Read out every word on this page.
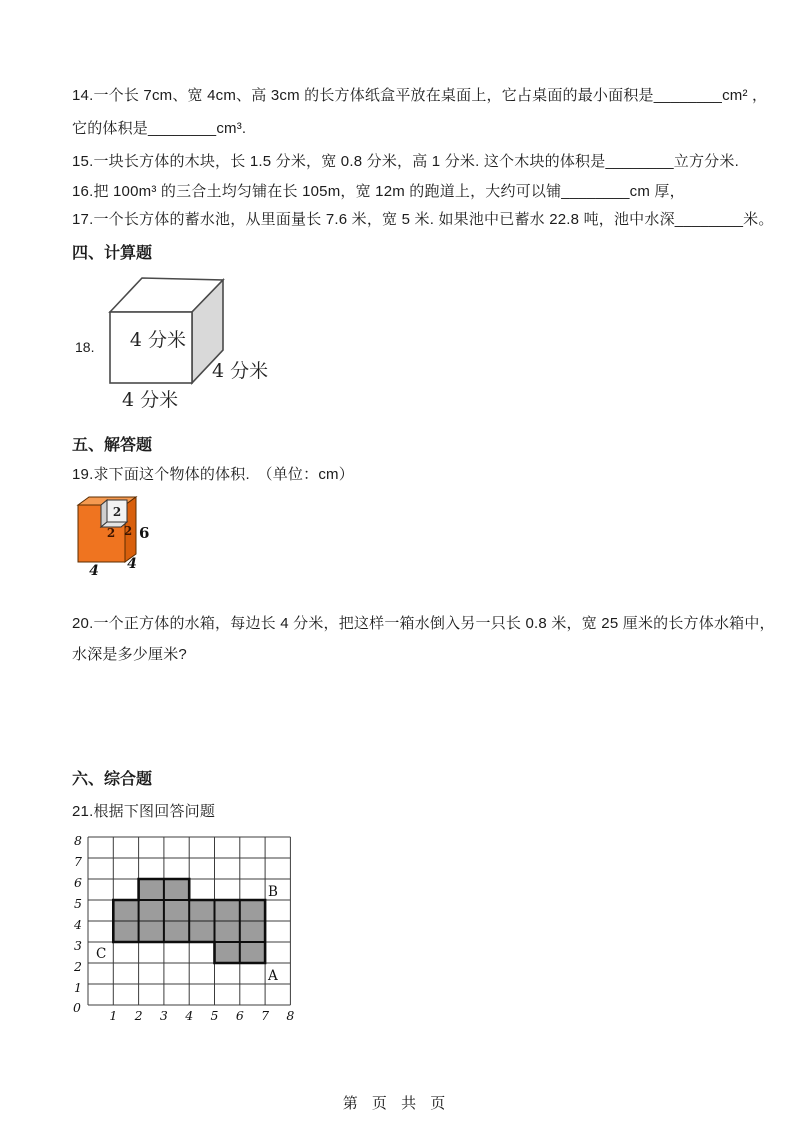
14.一个长 7cm、宽 4cm、高 3cm 的长方体纸盒平放在桌面上，它占桌面的最小面积是________cm² ，
它的体积是________cm³.
15.一块长方体的木块，长 1.5 分米，宽 0.8 分米，高 1 分米. 这个木块的体积是________立方分米.
16.把 100m³ 的三合土均匀铺在长 105m，宽 12m 的跑道上，大约可以铺________cm 厚，
17.一个长方体的蓄水池，从里面量长 7.6 米，宽 5 米. 如果池中已蓄水 22.8 吨，池中水深________米。
四、计算题
18. 4 分米
4 分米
4 分米
五、解答题
19.求下面这个物体的体积.　（单位：cm）
2
2 2 6
4
4
20.一个正方体的水箱，每边长 4 分米，把这样一箱水倒入另一只长 0.8 米，宽 25 厘米的长方体水箱中，
水深是多少厘米?
六、综合题
21.根据下图回答问题
1
2
3
4
5
6
7
8
0
1 2 3 4 5 6 7 8
B
A
C
第 页 共 页
